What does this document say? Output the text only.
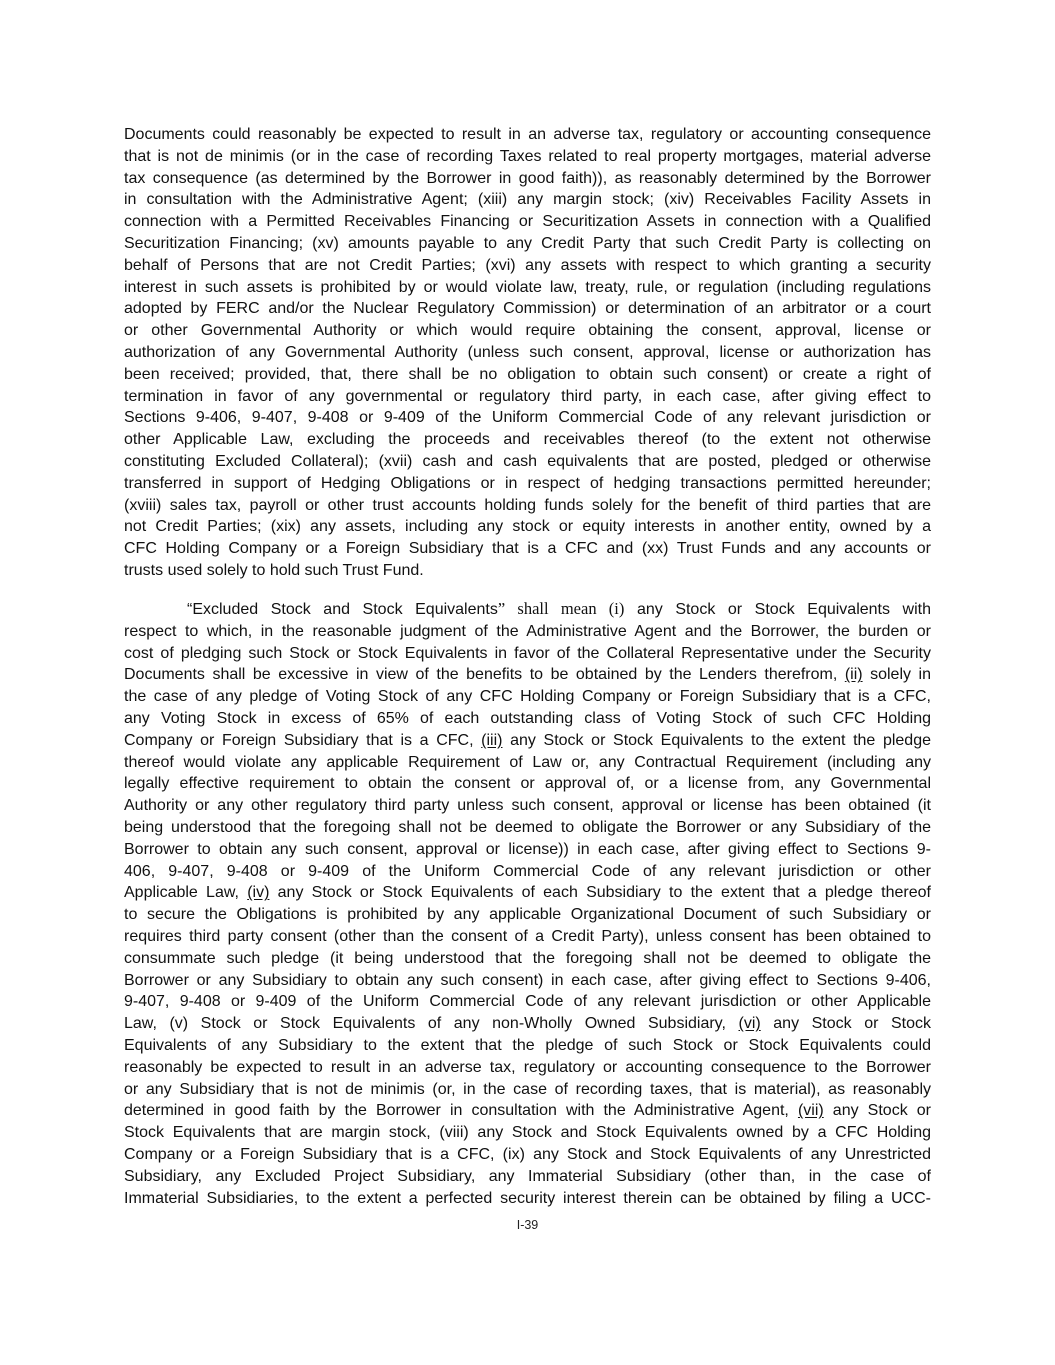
Documents could reasonably be expected to result in an adverse tax, regulatory or accounting consequence
that is not de minimis (or in the case of recording Taxes related to real property mortgages, material adverse
tax consequence (as determined by the Borrower in good faith)), as reasonably determined by the Borrower
in consultation with the Administrative Agent; (xiii) any margin stock; (xiv) Receivables Facility Assets in
connection with a Permitted Receivables Financing or Securitization Assets in connection with a Qualified
Securitization Financing; (xv) amounts payable to any Credit Party that such Credit Party is collecting on
behalf of Persons that are not Credit Parties; (xvi) any assets with respect to which granting a security
interest in such assets is prohibited by or would violate law, treaty, rule, or regulation (including regulations
adopted by FERC and/or the Nuclear Regulatory Commission) or determination of an arbitrator or a court
or other Governmental Authority or which would require obtaining the consent, approval, license or
authorization of any Governmental Authority (unless such consent, approval, license or authorization has
been received; provided, that, there shall be no obligation to obtain such consent) or create a right of
termination in favor of any governmental or regulatory third party, in each case, after giving effect to
Sections 9-406, 9-407, 9-408 or 9-409 of the Uniform Commercial Code of any relevant jurisdiction or
other Applicable Law, excluding the proceeds and receivables thereof (to the extent not otherwise
constituting Excluded Collateral); (xvii) cash and cash equivalents that are posted, pledged or otherwise
transferred in support of Hedging Obligations or in respect of hedging transactions permitted hereunder;
(xviii) sales tax, payroll or other trust accounts holding funds solely for the benefit of third parties that are
not Credit Parties; (xix) any assets, including any stock or equity interests in another entity, owned by a
CFC Holding Company or a Foreign Subsidiary that is a CFC and (xx) Trust Funds and any accounts or
trusts used solely to hold such Trust Fund.
“Excluded Stock and Stock Equivalents” shall mean (i) any Stock or Stock Equivalents with
respect to which, in the reasonable judgment of the Administrative Agent and the Borrower, the burden or
cost of pledging such Stock or Stock Equivalents in favor of the Collateral Representative under the Security
Documents shall be excessive in view of the benefits to be obtained by the Lenders therefrom, (ii) solely in
the case of any pledge of Voting Stock of any CFC Holding Company or Foreign Subsidiary that is a CFC,
any Voting Stock in excess of 65% of each outstanding class of Voting Stock of such CFC Holding
Company or Foreign Subsidiary that is a CFC, (iii) any Stock or Stock Equivalents to the extent the pledge
thereof would violate any applicable Requirement of Law or, any Contractual Requirement (including any
legally effective requirement to obtain the consent or approval of, or a license from, any Governmental
Authority or any other regulatory third party unless such consent, approval or license has been obtained (it
being understood that the foregoing shall not be deemed to obligate the Borrower or any Subsidiary of the
Borrower to obtain any such consent, approval or license)) in each case, after giving effect to Sections 9-
406, 9-407, 9-408 or 9-409 of the Uniform Commercial Code of any relevant jurisdiction or other
Applicable Law, (iv) any Stock or Stock Equivalents of each Subsidiary to the extent that a pledge thereof
to secure the Obligations is prohibited by any applicable Organizational Document of such Subsidiary or
requires third party consent (other than the consent of a Credit Party), unless consent has been obtained to
consummate such pledge (it being understood that the foregoing shall not be deemed to obligate the
Borrower or any Subsidiary to obtain any such consent) in each case, after giving effect to Sections 9-406,
9-407, 9-408 or 9-409 of the Uniform Commercial Code of any relevant jurisdiction or other Applicable
Law, (v) Stock or Stock Equivalents of any non-Wholly Owned Subsidiary, (vi) any Stock or Stock
Equivalents of any Subsidiary to the extent that the pledge of such Stock or Stock Equivalents could
reasonably be expected to result in an adverse tax, regulatory or accounting consequence to the Borrower
or any Subsidiary that is not de minimis (or, in the case of recording taxes, that is material), as reasonably
determined in good faith by the Borrower in consultation with the Administrative Agent, (vii) any Stock or
Stock Equivalents that are margin stock, (viii) any Stock and Stock Equivalents owned by a CFC Holding
Company or a Foreign Subsidiary that is a CFC, (ix) any Stock and Stock Equivalents of any Unrestricted
Subsidiary, any Excluded Project Subsidiary, any Immaterial Subsidiary (other than, in the case of
Immaterial Subsidiaries, to the extent a perfected security interest therein can be obtained by filing a UCC-
I-39
